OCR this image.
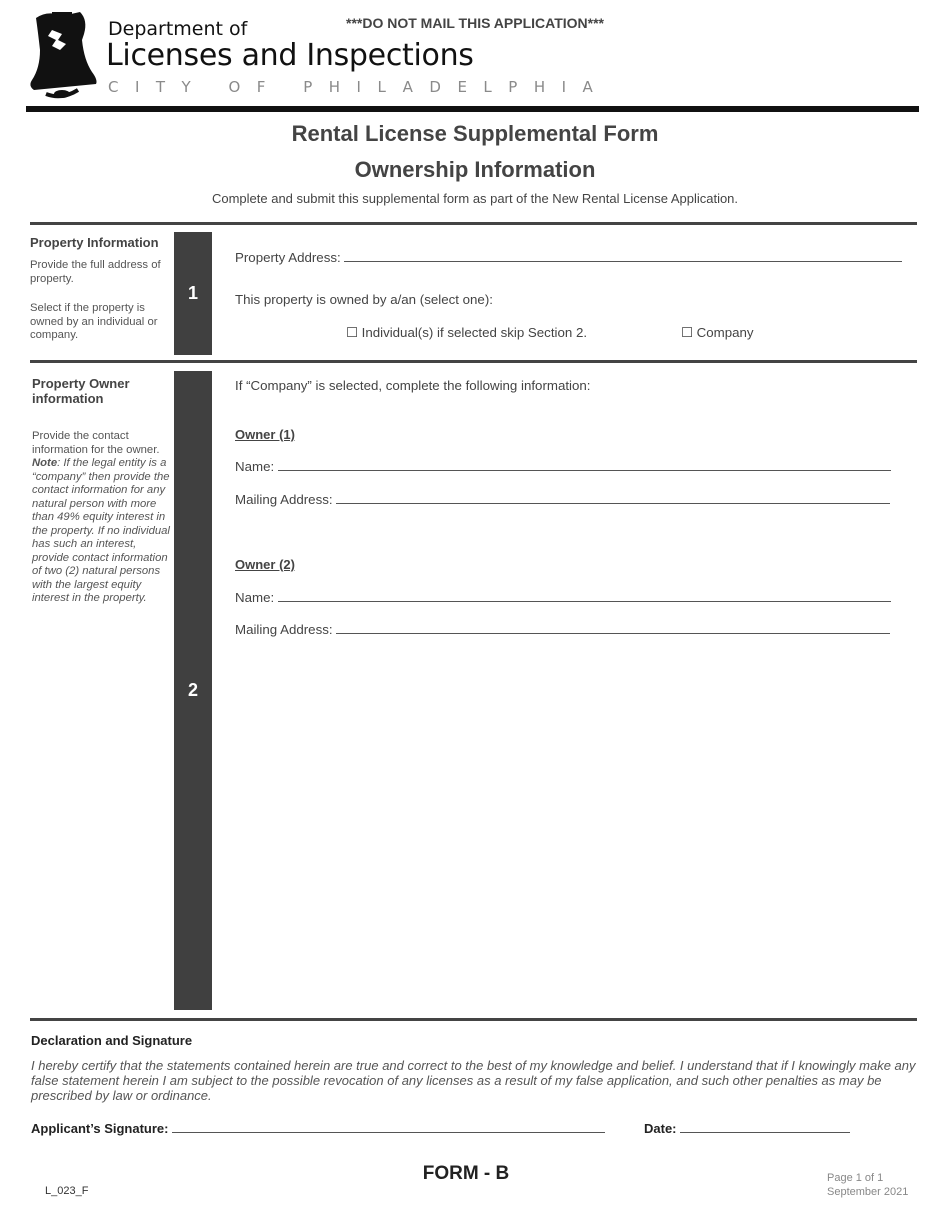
Department of
Licenses and Inspections
CITY OF PHILADELPHIA
***DO NOT MAIL THIS APPLICATION***
Rental License Supplemental Form
Ownership Information
Complete and submit this supplemental form as part of the New Rental License Application.
Property Information
Provide the full address of property.
Select if the property is owned by an individual or company.
1
Property Address:
This property is owned by a/an (select one):
☐ Individual(s) if selected skip Section 2.	☐ Company
Property Owner information
Provide the contact information for the owner. Note: If the legal entity is a “company” then provide the contact information for any natural person with more than 49% equity interest in the property. If no individual has such an interest, provide contact information of two (2) natural persons with the largest equity interest in the property.
2
If “Company” is selected, complete the following information:
Owner (1)
Name:
Mailing Address:
Owner (2)
Name:
Mailing Address:
Declaration and Signature
I hereby certify that the statements contained herein are true and correct to the best of my knowledge and belief. I understand that if I knowingly make any false statement herein I am subject to the possible revocation of any licenses as a result of my false application, and such other penalties as may be prescribed by law or ordinance.
Applicant’s Signature:	Date:
FORM - B
L_023_F
Page 1 of 1
September 2021
